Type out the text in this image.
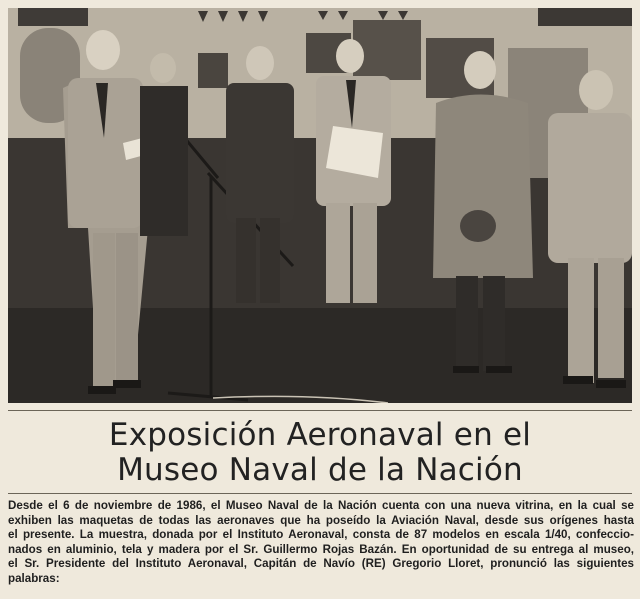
Exposición Aeronaval en el
Museo Naval de la Nación
Desde el 6 de noviembre de 1986, el Museo Naval de la Nación cuenta con una nueva vitrina, en la cual se
exhiben las maquetas de todas las aeronaves que ha poseído la Aviación Naval, desde sus orígenes hasta
el presente. La muestra, donada por el Instituto Aeronaval, consta de 87 modelos en escala 1/40, confeccio-
nados en aluminio, tela y madera por el Sr. Guillermo Rojas Bazán. En oportunidad de su entrega al museo,
el Sr. Presidente del Instituto Aeronaval, Capitán de Navío (RE) Gregorio Lloret, pronunció las siguientes
palabras:
